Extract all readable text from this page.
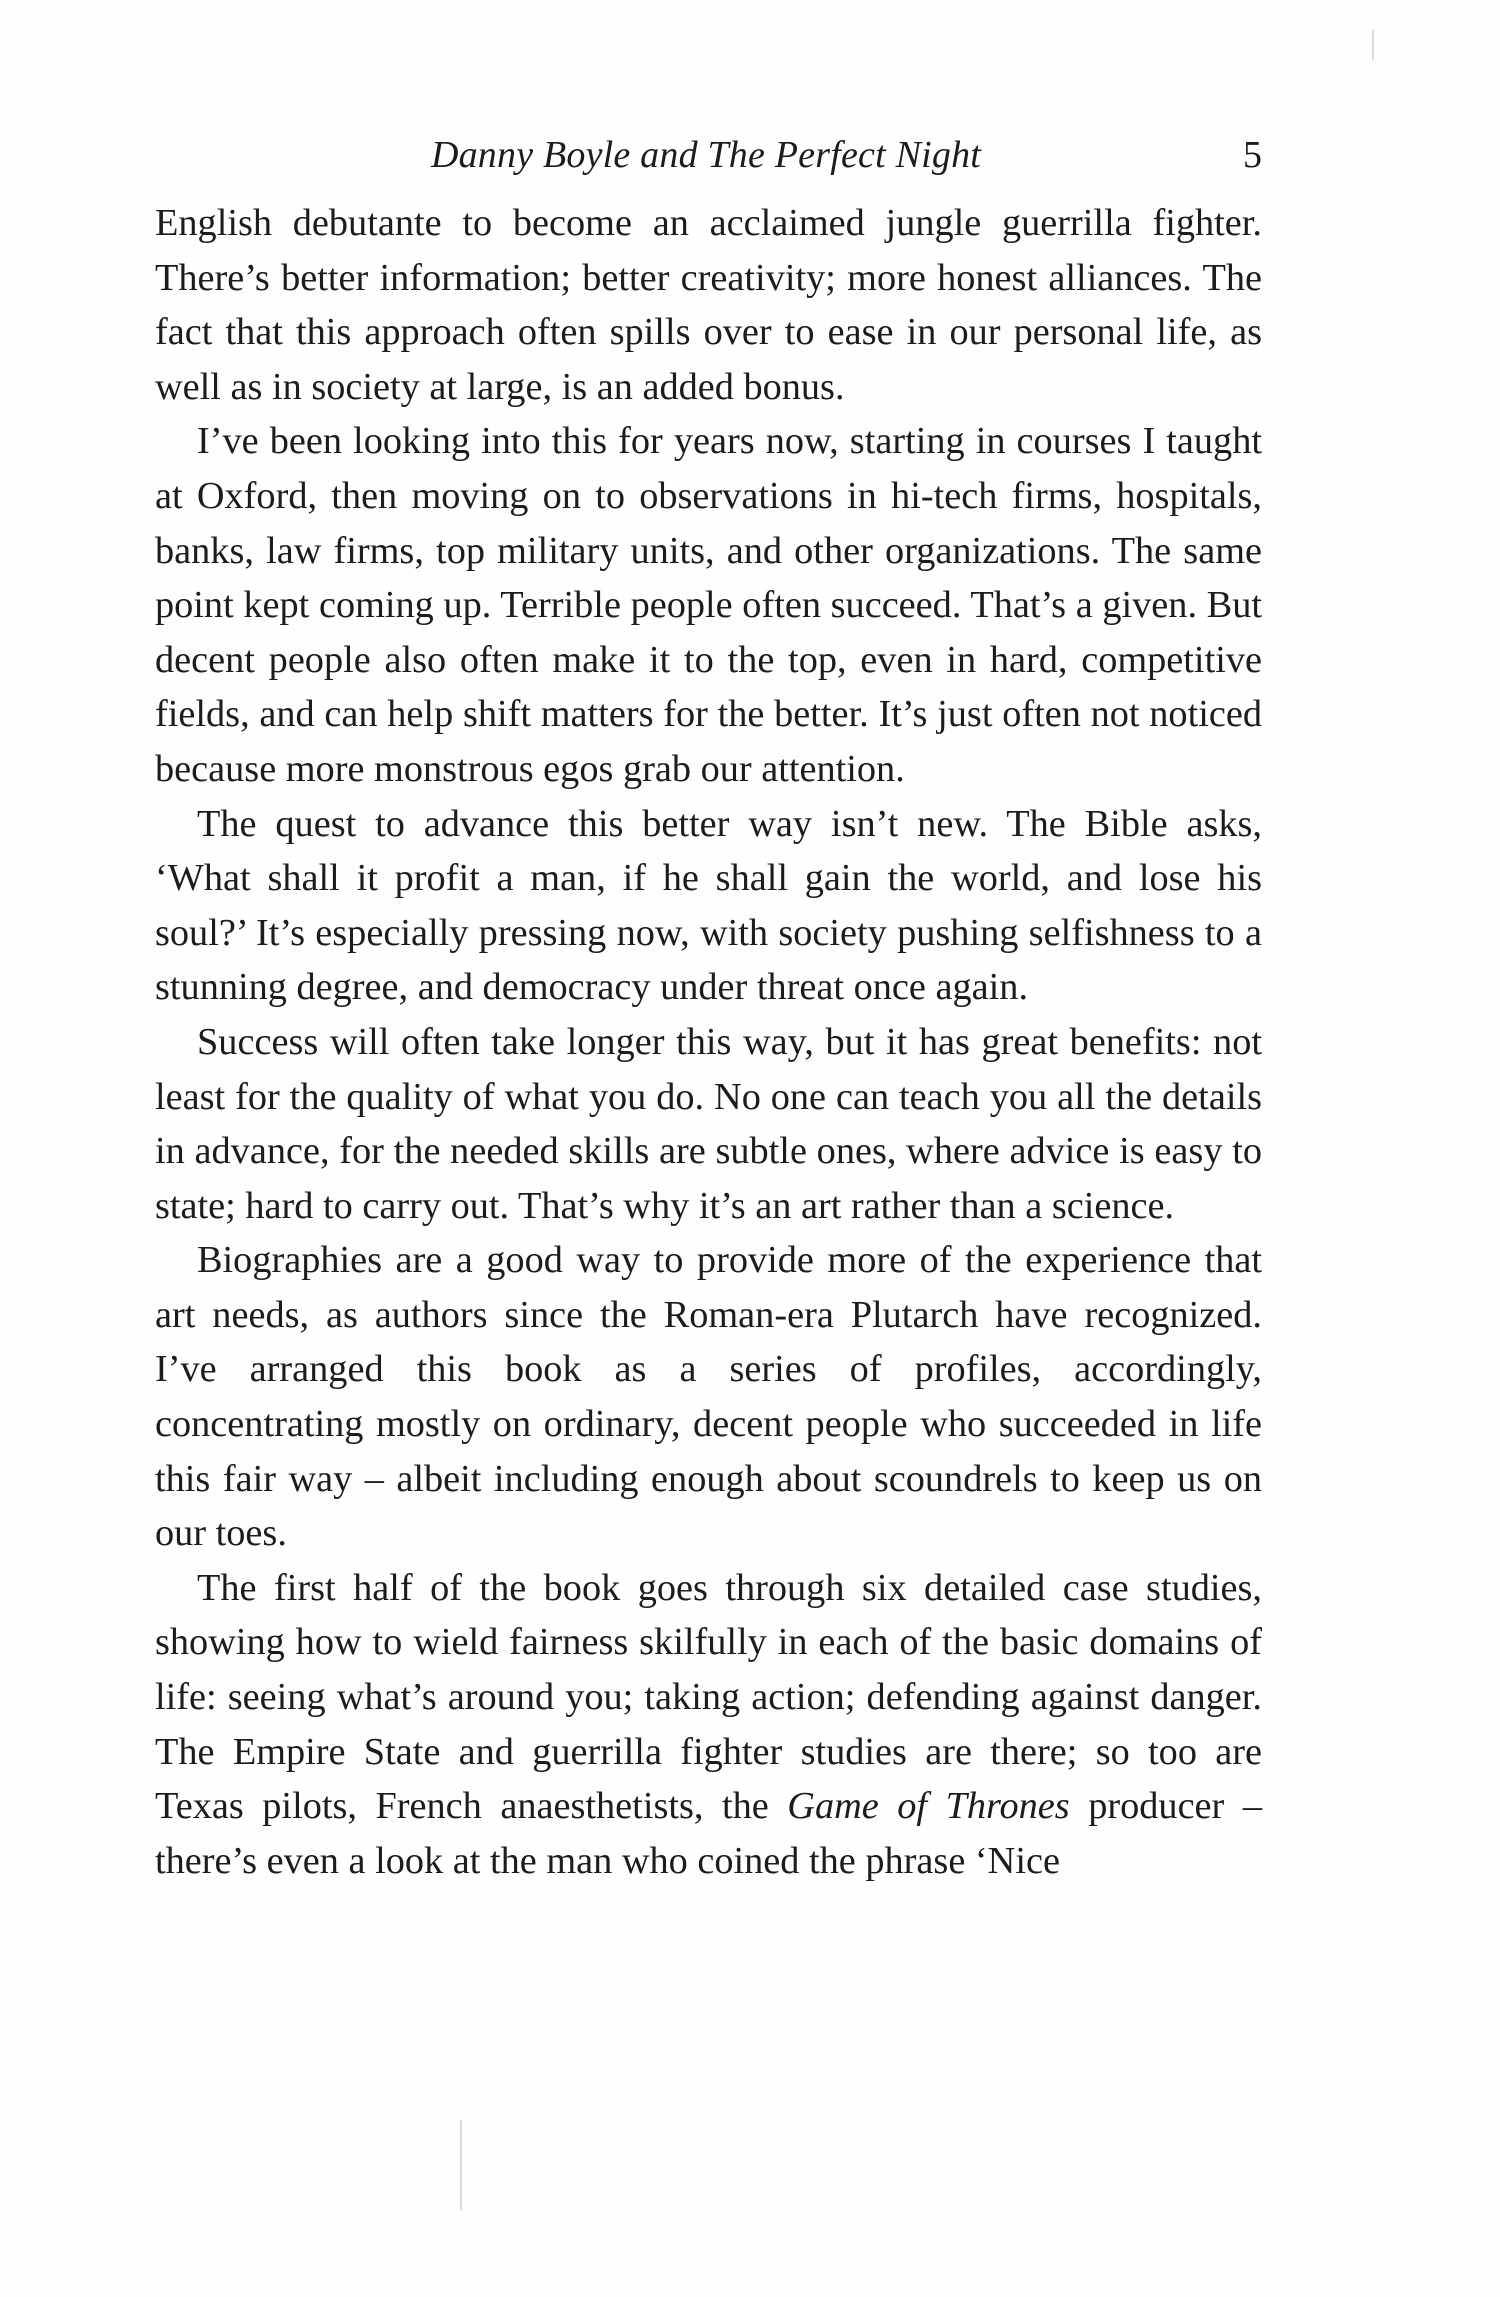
Danny Boyle and The Perfect Night	5

English debutante to become an acclaimed jungle guerrilla fighter. There’s better information; better creativity; more honest alliances. The fact that this approach often spills over to ease in our personal life, as well as in society at large, is an added bonus.

I’ve been looking into this for years now, starting in courses I taught at Oxford, then moving on to observations in hi-tech firms, hospitals, banks, law firms, top military units, and other organizations. The same point kept coming up. Terrible people often succeed. That’s a given. But decent people also often make it to the top, even in hard, competitive fields, and can help shift matters for the better. It’s just often not noticed because more monstrous egos grab our attention.

The quest to advance this better way isn’t new. The Bible asks, ‘What shall it profit a man, if he shall gain the world, and lose his soul?’ It’s especially pressing now, with society pushing selfishness to a stunning degree, and democracy under threat once again.

Success will often take longer this way, but it has great benefits: not least for the quality of what you do. No one can teach you all the details in advance, for the needed skills are subtle ones, where advice is easy to state; hard to carry out. That’s why it’s an art rather than a science.

Biographies are a good way to provide more of the experience that art needs, as authors since the Roman-era Plutarch have recognized. I’ve arranged this book as a series of profiles, accordingly, concentrating mostly on ordinary, decent people who succeeded in life this fair way – albeit including enough about scoundrels to keep us on our toes.

The first half of the book goes through six detailed case studies, showing how to wield fairness skilfully in each of the basic domains of life: seeing what’s around you; taking action; defending against danger. The Empire State and guerrilla fighter studies are there; so too are Texas pilots, French anaesthetists, the Game of Thrones producer – there’s even a look at the man who coined the phrase ‘Nice
